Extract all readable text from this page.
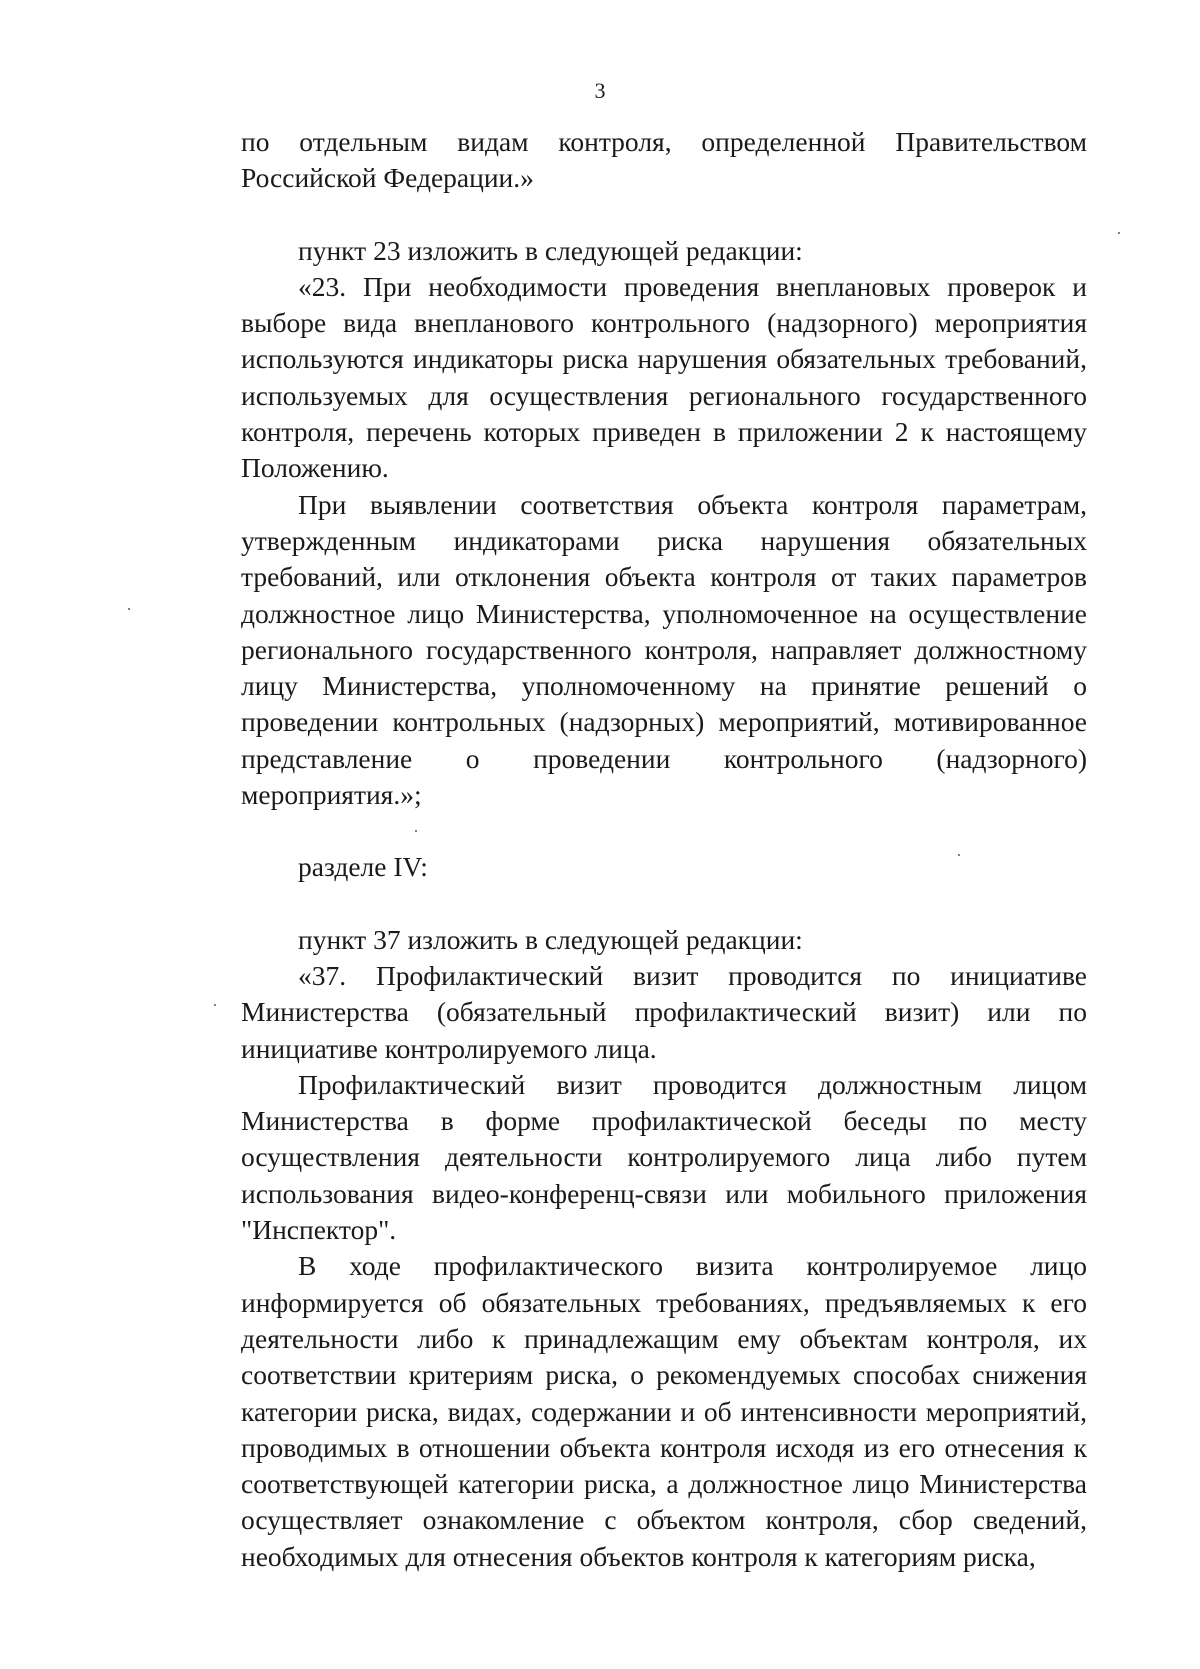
3

по отдельным видам контроля, определенной Правительством Российской Федерации.»

пункт 23 изложить в следующей редакции:

«23. При необходимости проведения внеплановых проверок и выборе вида внепланового контрольного (надзорного) мероприятия используются индикаторы риска нарушения обязательных требований, используемых для осуществления регионального государственного контроля, перечень которых приведен в приложении 2 к настоящему Положению.

При выявлении соответствия объекта контроля параметрам, утвержденным индикаторами риска нарушения обязательных требований, или отклонения объекта контроля от таких параметров должностное лицо Министерства, уполномоченное на осуществление регионального государственного контроля, направляет должностному лицу Министерства, уполномоченному на принятие решений о проведении контрольных (надзорных) мероприятий, мотивированное представление о проведении контрольного (надзорного) мероприятия.»;

разделе IV:

пункт 37 изложить в следующей редакции:

«37. Профилактический визит проводится по инициативе Министерства (обязательный профилактический визит) или по инициативе контролируемого лица.

Профилактический визит проводится должностным лицом Министерства в форме профилактической беседы по месту осуществления деятельности контролируемого лица либо путем использования видео-конференц-связи или мобильного приложения "Инспектор".

В ходе профилактического визита контролируемое лицо информируется об обязательных требованиях, предъявляемых к его деятельности либо к принадлежащим ему объектам контроля, их соответствии критериям риска, о рекомендуемых способах снижения категории риска, видах, содержании и об интенсивности мероприятий, проводимых в отношении объекта контроля исходя из его отнесения к соответствующей категории риска, а должностное лицо Министерства осуществляет ознакомление с объектом контроля, сбор сведений, необходимых для отнесения объектов контроля к категориям риска,
